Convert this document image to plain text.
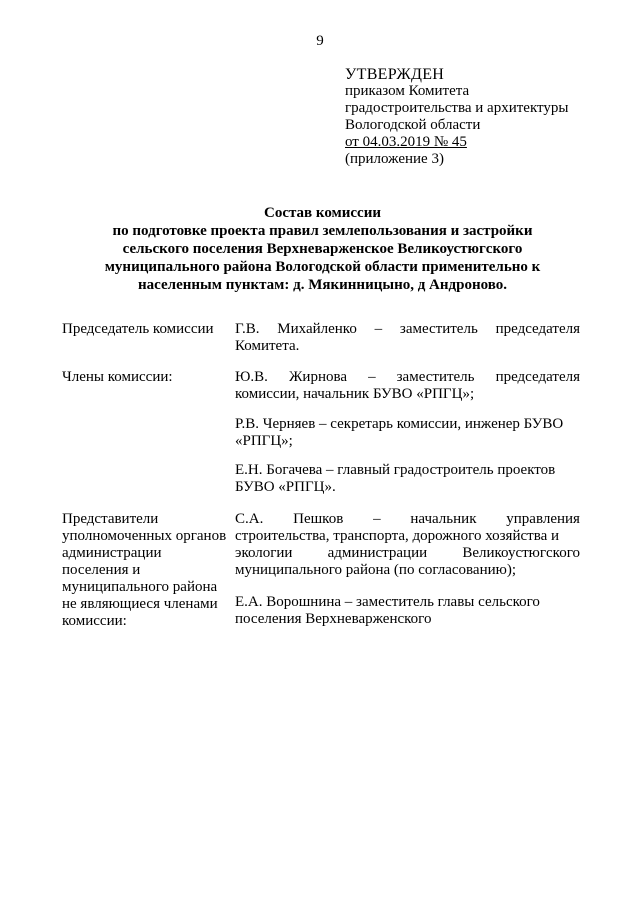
9
УТВЕРЖДЕН
приказом Комитета
градостроительства и архитектуры
Вологодской области
от 04.03.2019 № 45
(приложение 3)
Состав комиссии
по подготовке проекта правил землепользования и застройки
сельского поселения Верхневарженское Великоустюгского
муниципального района Вологодской области применительно к
населенным пунктам: д. Мякинницыно, д Андроново.
Председатель комиссии
Члены комиссии:
Представители
уполномоченных органов
администрации
поселения и
муниципального района
не являющиеся членами
комиссии:
Г.В. Михайленко – заместитель председателя
Комитета.
Ю.В. Жирнова – заместитель председателя
комиссии, начальник БУВО «РПГЦ»;
Р.В. Черняев – секретарь комиссии, инженер БУВО
«РПГЦ»;
Е.Н. Богачева – главный градостроитель проектов
БУВО «РПГЦ».
С.А. Пешков – начальник управления
строительства, транспорта, дорожного хозяйства и
экологии администрации Великоустюгского
муниципального района (по согласованию);
Е.А. Ворошнина – заместитель главы сельского
поселения Верхневарженского
